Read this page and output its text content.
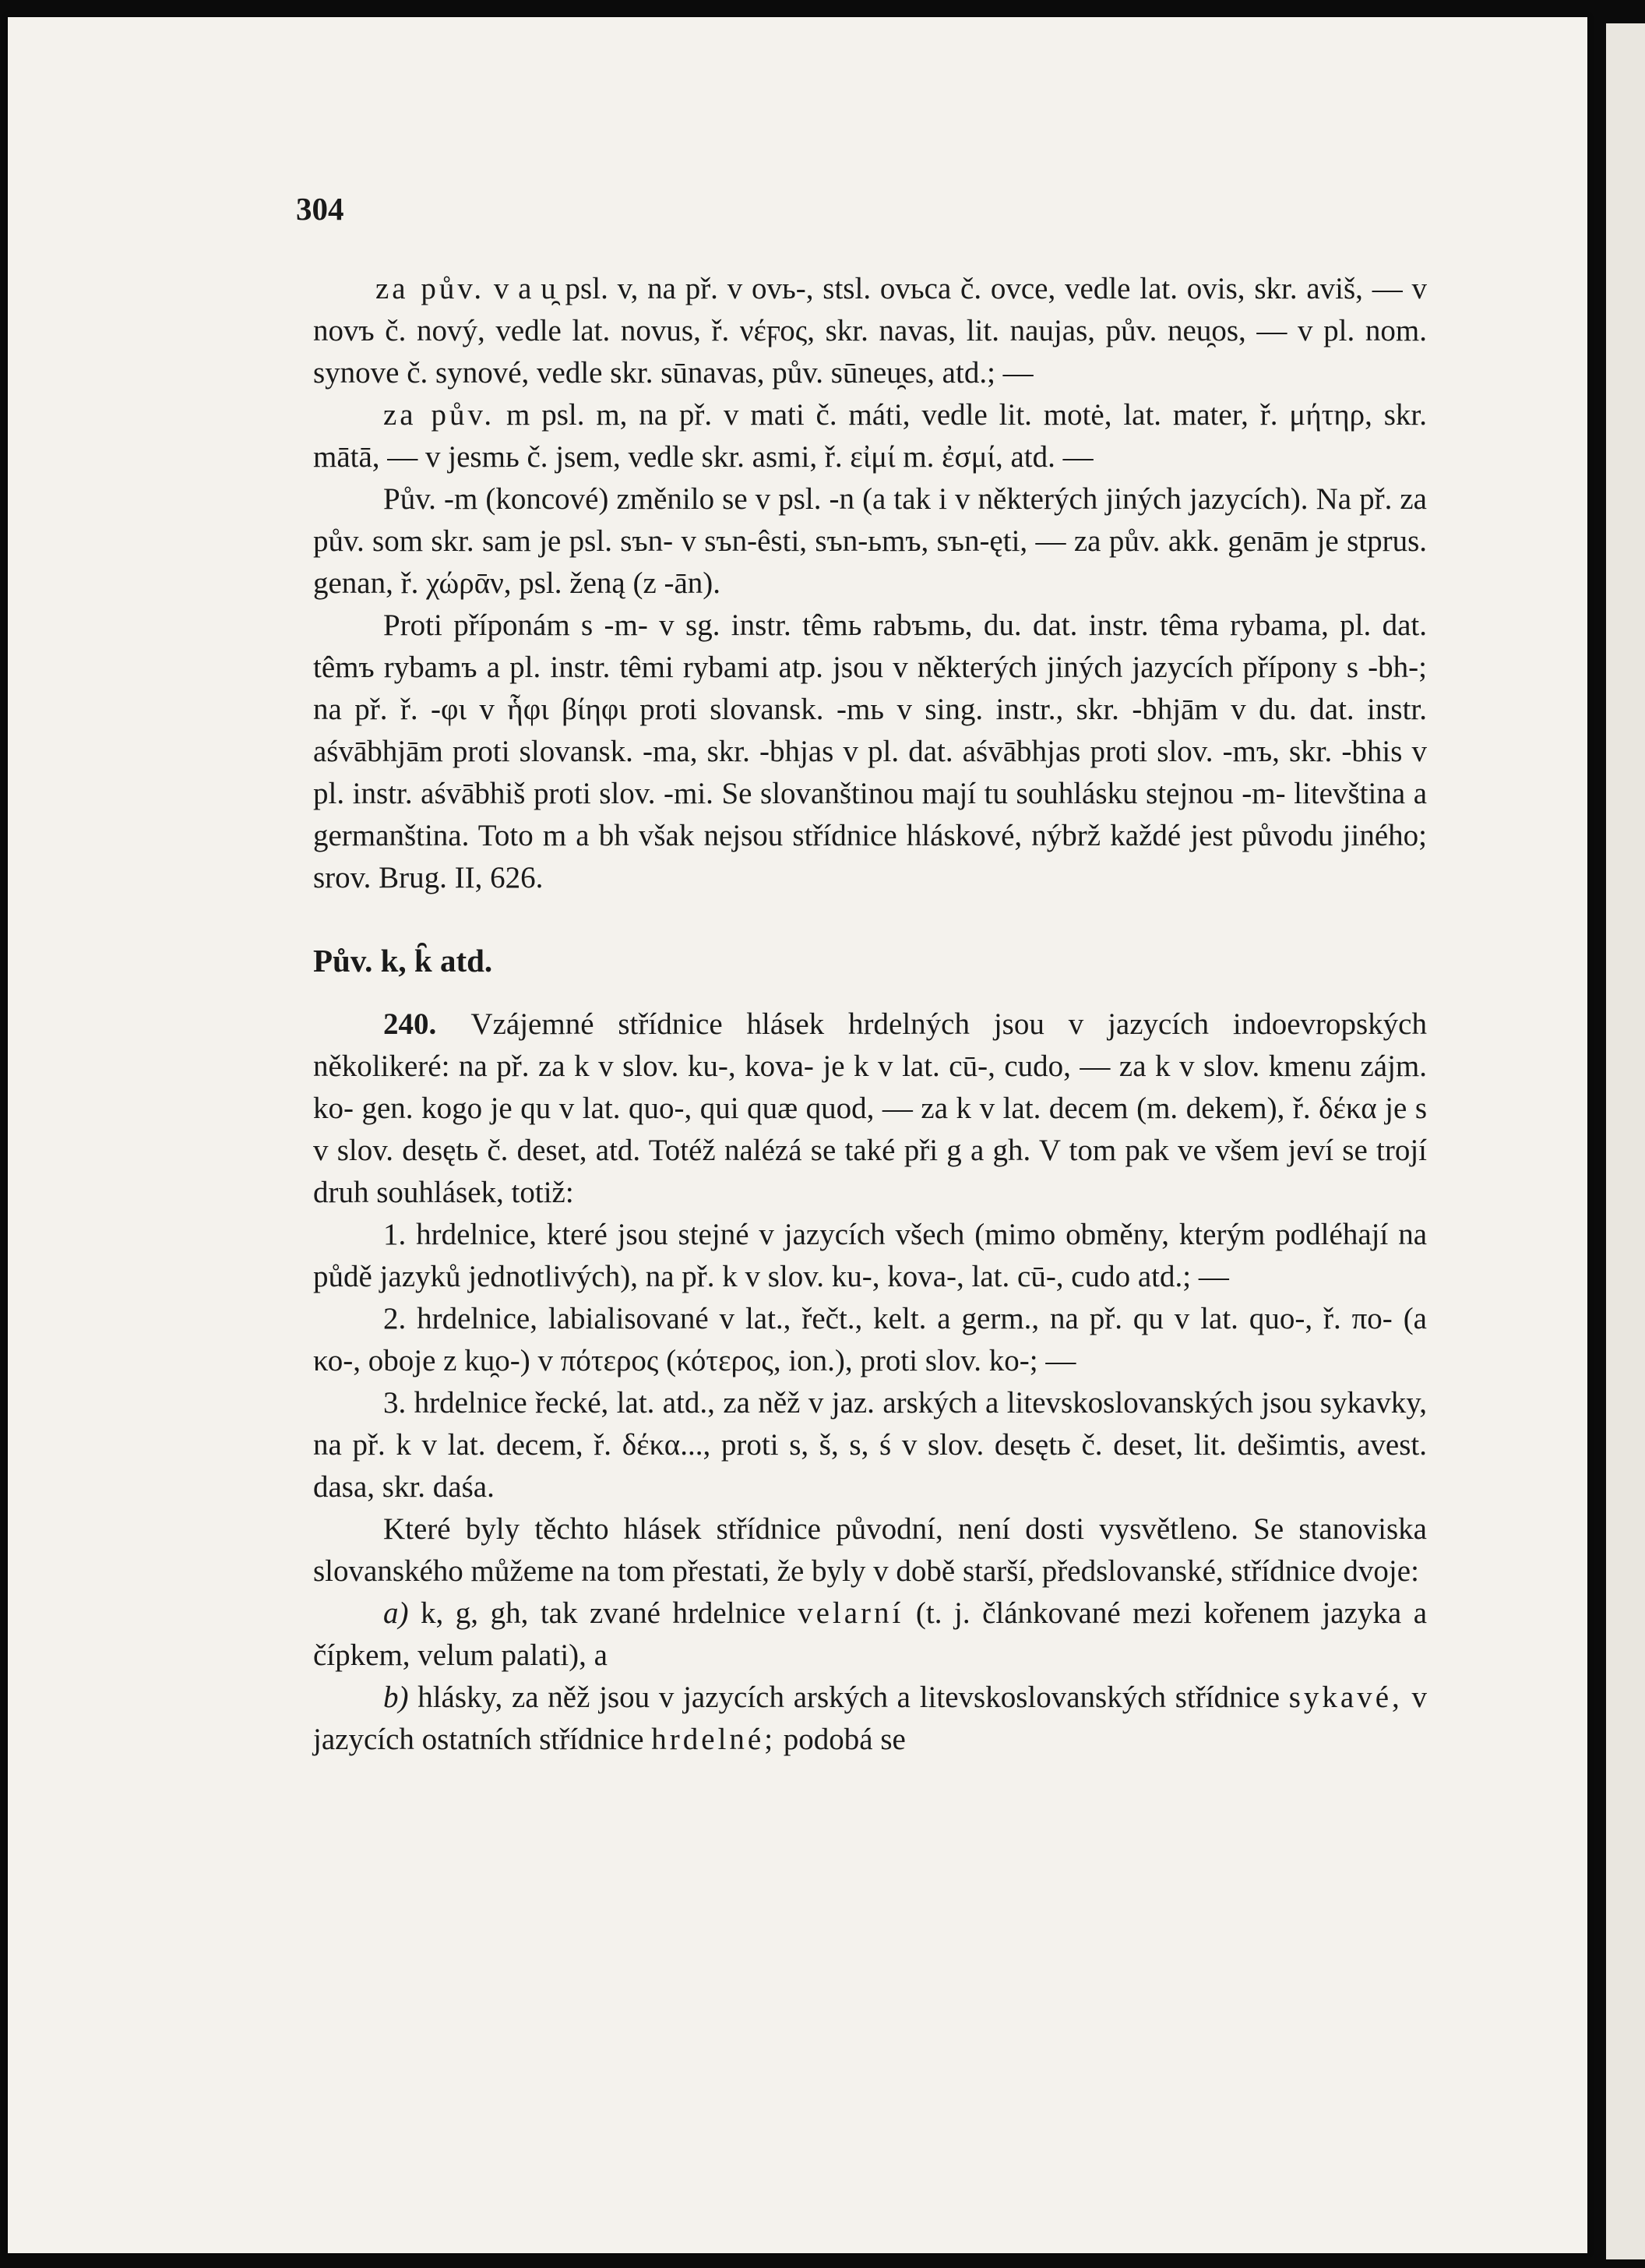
304

za pův. v a u̯ psl. v, na př. v ovь-, stsl. ovьca č. ovce, vedle lat. ovis, skr. aviš, — v novъ č. nový, vedle lat. novus, ř. νέϝος, skr. navas, lit. naujas, pův. neu̯os, — v pl. nom. synove č. synové, vedle skr. sūnavas, pův. sūneu̯es, atd.; —

za pův. m psl. m, na př. v mati č. máti, vedle lit. motė, lat. mater, ř. μήτηρ, skr. mātā, — v jesmь č. jsem, vedle skr. asmi, ř. εἰμί m. ἐσμί, atd. —

Pův. -m (koncové) změnilo se v psl. -n (a tak i v některých jiných jazycích). Na př. za pův. som skr. sam je psl. sъn- v sъn-êsti, sъn-ьmъ, sъn-ęti, — za pův. akk. genām je stprus. genan, ř. χώρᾱν, psl. ženą (z -ān).

Proti příponám s -m- v sg. instr. têmь rabъmь, du. dat. instr. têma rybama, pl. dat. têmъ rybamъ a pl. instr. têmi rybami atp. jsou v některých jiných jazycích přípony s -bh-; na př. ř. -φι v ἧφι βίηφι proti slovansk. -mь v sing. instr., skr. -bhjām v du. dat. instr. aśvābhjām proti slovansk. -ma, skr. -bhjas v pl. dat. aśvābhjas proti slov. -mъ, skr. -bhis v pl. instr. aśvābhiš proti slov. -mi. Se slovanštinou mají tu souhlásku stejnou -m- litevština a germanština. Toto m a bh však nejsou střídnice hláskové, nýbrž každé jest původu jiného; srov. Brug. II, 626.

Pův. k, k̑ atd.

240. Vzájemné střídnice hlásek hrdelných jsou v jazycích indoevropských několikeré: na př. za k v slov. ku-, kova- je k v lat. cū-, cudo, — za k v slov. kmenu zájm. ko- gen. kogo je qu v lat. quo-, qui quæ quod, — za k v lat. decem (m. dekem), ř. δέκα je s v slov. desętь č. deset, atd. Totéž nalézá se také při g a gh. V tom pak ve všem jeví se trojí druh souhlásek, totiž:

1. hrdelnice, které jsou stejné v jazycích všech (mimo obměny, kterým podléhají na půdě jazyků jednotlivých), na př. k v slov. ku-, kova-, lat. cū-, cudo atd.; —

2. hrdelnice, labialisované v lat., řečt., kelt. a germ., na př. qu v lat. quo-, ř. πο- (a κο-, oboje z ku̯o-) v πότερος (κότερος, ion.), proti slov. ko-; —

3. hrdelnice řecké, lat. atd., za něž v jaz. arských a litevskoslovanských jsou sykavky, na př. k v lat. decem, ř. δέκα..., proti s, š, s, ś v slov. desętь č. deset, lit. dešimtis, avest. dasa, skr. daśa.

Které byly těchto hlásek střídnice původní, není dosti vysvětleno. Se stanoviska slovanského můžeme na tom přestati, že byly v době starší, předslovanské, střídnice dvoje:

a) k, g, gh, tak zvané hrdelnice velarní (t. j. článkované mezi kořenem jazyka a čípkem, velum palati), a

b) hlásky, za něž jsou v jazycích arských a litevskoslovanských střídnice sykavé, v jazycích ostatních střídnice hrdelné; podobá se
